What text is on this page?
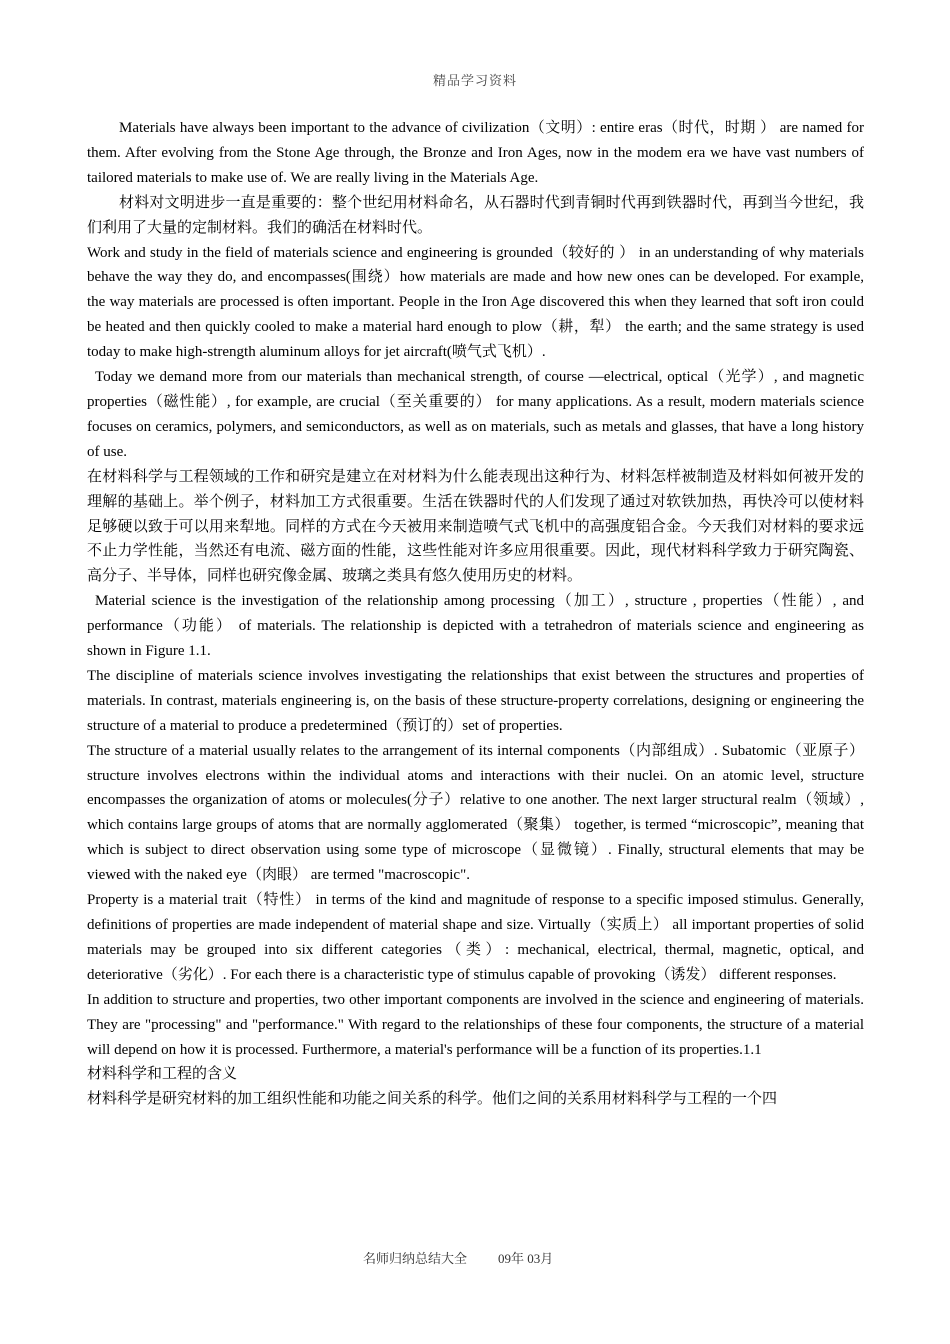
精品学习资料

Materials have always been important to the advance of civilization（文明）: entire eras（时代，时期 ） are named for them. After evolving from the Stone Age through, the Bronze and Iron Ages, now in the modem era we have vast numbers of tailored materials to make use of. We are really living in the Materials Age.

材料对文明进步一直是重要的：整个世纪用材料命名，从石器时代到青铜时代再到铁器时代，再到当今世纪，我们利用了大量的定制材料。我们的确活在材料时代。

Work and study in the field of materials science and engineering is grounded（较好的 ） in an understanding of why materials behave the way they do, and encompasses(围绕）how materials are made and how new ones can be developed. For example, the way materials are processed is often important. People in the Iron Age discovered this when they learned that soft iron could be heated and then quickly cooled to make a material hard enough to plow（耕，犁） the earth; and the same strategy is used today to make high-strength aluminum alloys for jet aircraft(喷气式飞机）.

Today we demand more from our materials than mechanical strength, of course —electrical, optical（光学）, and magnetic properties（磁性能）, for example, are crucial（至关重要的） for many applications. As a result, modern materials science focuses on ceramics, polymers, and semiconductors, as well as on materials, such as metals and glasses, that have a long history of use.

在材料科学与工程领域的工作和研究是建立在对材料为什么能表现出这种行为、材料怎样被制造及材料如何被开发的理解的基础上。举个例子，材料加工方式很重要。生活在铁器时代的人们发现了通过对软铁加热，再快冷可以使材料足够硬以致于可以用来犁地。同样的方式在今天被用来制造喷气式飞机中的高强度铝合金。今天我们对材料的要求远不止力学性能，当然还有电流、磁方面的性能，这些性能对许多应用很重要。因此，现代材料科学致力于研究陶瓷、高分子、半导体，同样也研究像金属、玻璃之类具有悠久使用历史的材料。

Material science is the investigation of the relationship among processing（加工）, structure , properties（性能）, and performance（功能） of materials. The relationship is depicted with a tetrahedron of materials science and engineering as shown in Figure 1.1.

The discipline of materials science involves investigating the relationships that exist between the structures and properties of materials. In contrast, materials engineering is, on the basis of these structure-property correlations, designing or engineering the structure of a material to produce a predetermined（预订的）set of properties.

The structure of a material usually relates to the arrangement of its internal components（内部组成）. Subatomic（亚原子）structure involves electrons within the individual atoms and interactions with their nuclei. On an atomic level, structure encompasses the organization of atoms or molecules(分子）relative to one another. The next larger structural realm（领域）, which contains large groups of atoms that are normally agglomerated（聚集） together, is termed “microscopic”, meaning that which is subject to direct observation using some type of microscope（显微镜）. Finally, structural elements that may be viewed with the naked eye（肉眼） are termed "macroscopic".

Property is a material trait（特性） in terms of the kind and magnitude of response to a specific imposed stimulus. Generally, definitions of properties are made independent of material shape and size. Virtually（实质上） all important properties of solid materials may be grouped into six different categories（类）: mechanical, electrical, thermal, magnetic, optical, and deteriorative（劣化）. For each there is a characteristic type of stimulus capable of provoking（诱发） different responses.

In addition to structure and properties, two other important components are involved in the science and engineering of materials. They are "processing" and "performance." With regard to the relationships of these four components, the structure of a material will depend on how it is processed. Furthermore, a material's performance will be a function of its properties.1.1

材料科学和工程的含义

材料科学是研究材料的加工组织性能和功能之间关系的科学。他们之间的关系用材料科学与工程的一个四

名师归纳总结大全 09年 03月
